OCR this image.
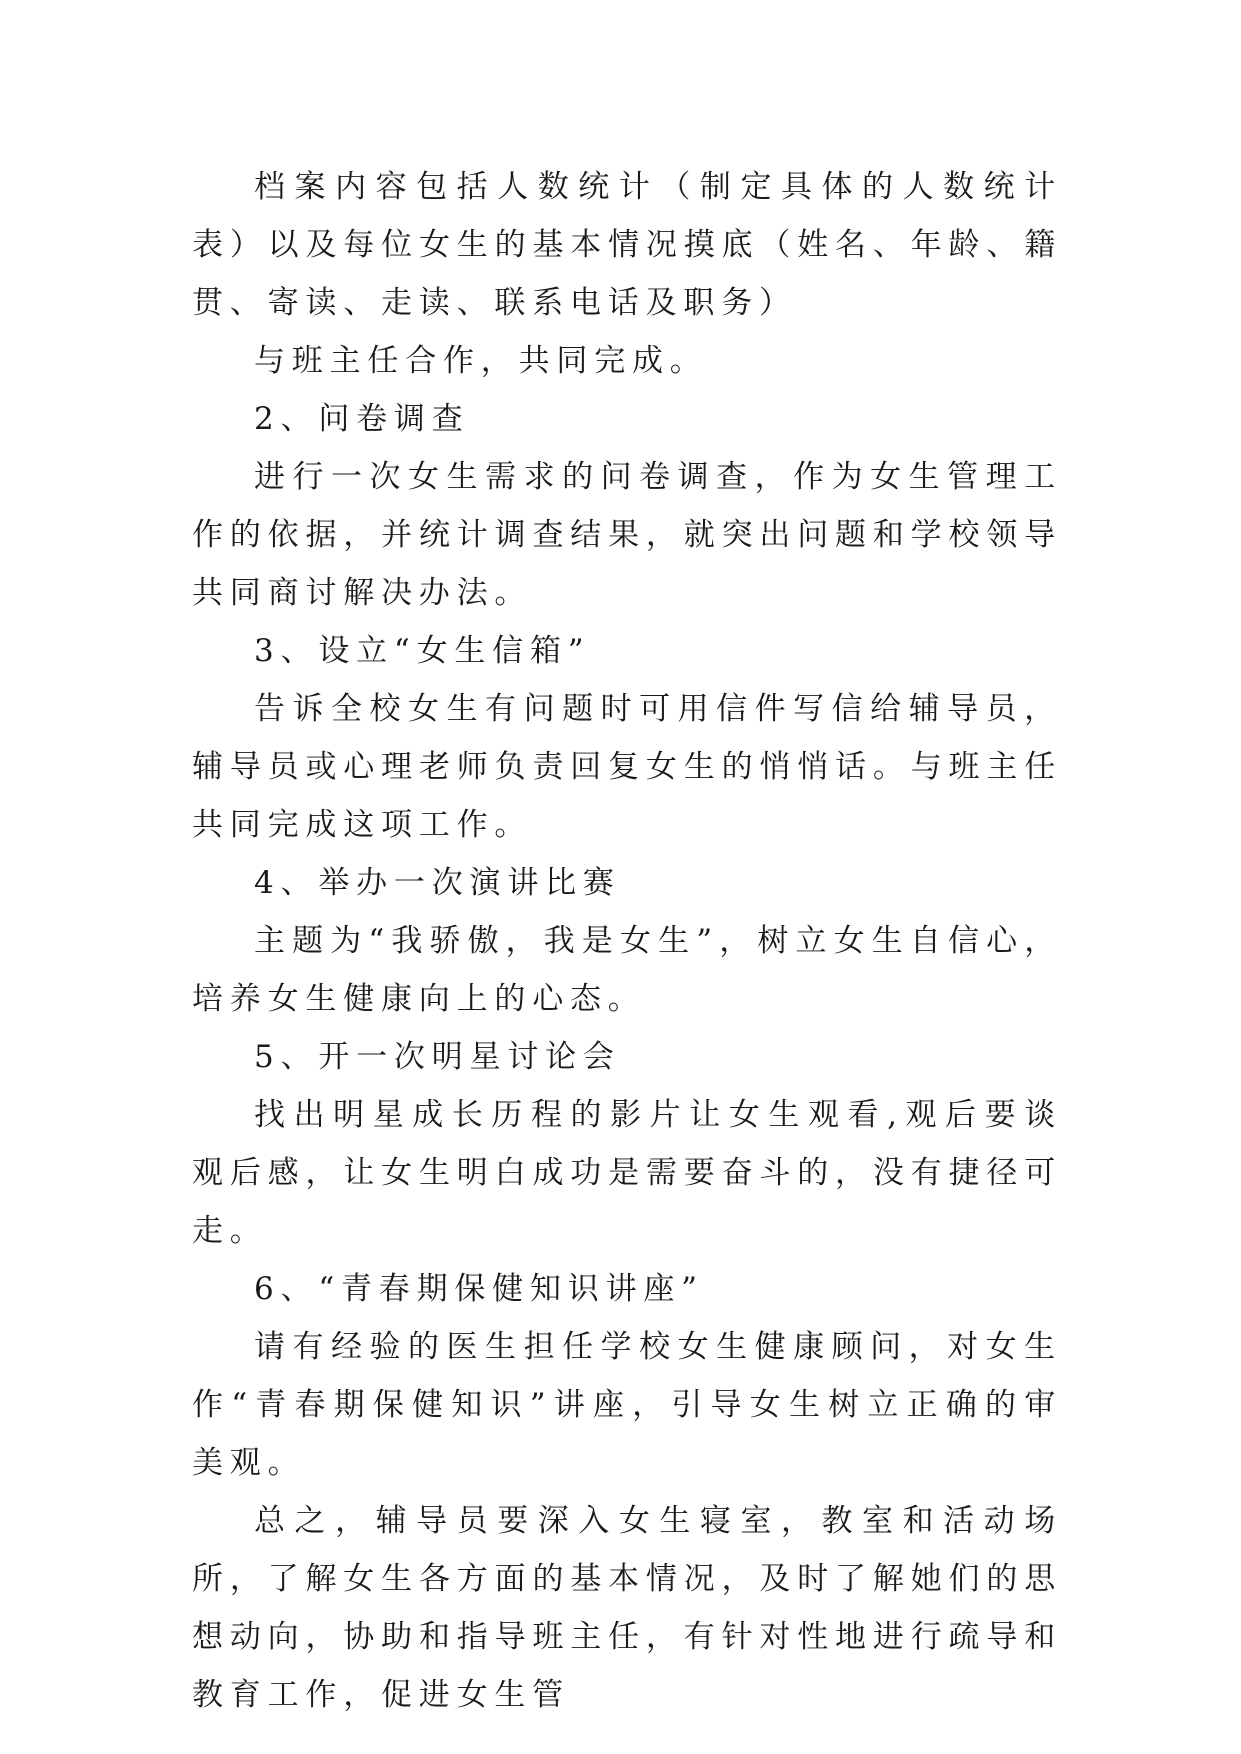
档案内容包括人数统计（制定具体的人数统计表）以及每位女生的基本情况摸底（姓名、年龄、籍贯、寄读、走读、联系电话及职务）

与班主任合作，共同完成。

2、问卷调查

进行一次女生需求的问卷调查，作为女生管理工作的依据，并统计调查结果，就突出问题和学校领导共同商讨解决办法。

3、设立“女生信箱”

告诉全校女生有问题时可用信件写信给辅导员，辅导员或心理老师负责回复女生的悄悄话。与班主任共同完成这项工作。

4、举办一次演讲比赛

主题为“我骄傲，我是女生”，树立女生自信心，培养女生健康向上的心态。

5、开一次明星讨论会

找出明星成长历程的影片让女生观看,观后要谈观后感，让女生明白成功是需要奋斗的，没有捷径可走。

6、“青春期保健知识讲座”

请有经验的医生担任学校女生健康顾问，对女生作“青春期保健知识”讲座，引导女生树立正确的审美观。

总之，辅导员要深入女生寝室，教室和活动场所，了解女生各方面的基本情况，及时了解她们的思想动向，协助和指导班主任，有针对性地进行疏导和教育工作，促进女生管
